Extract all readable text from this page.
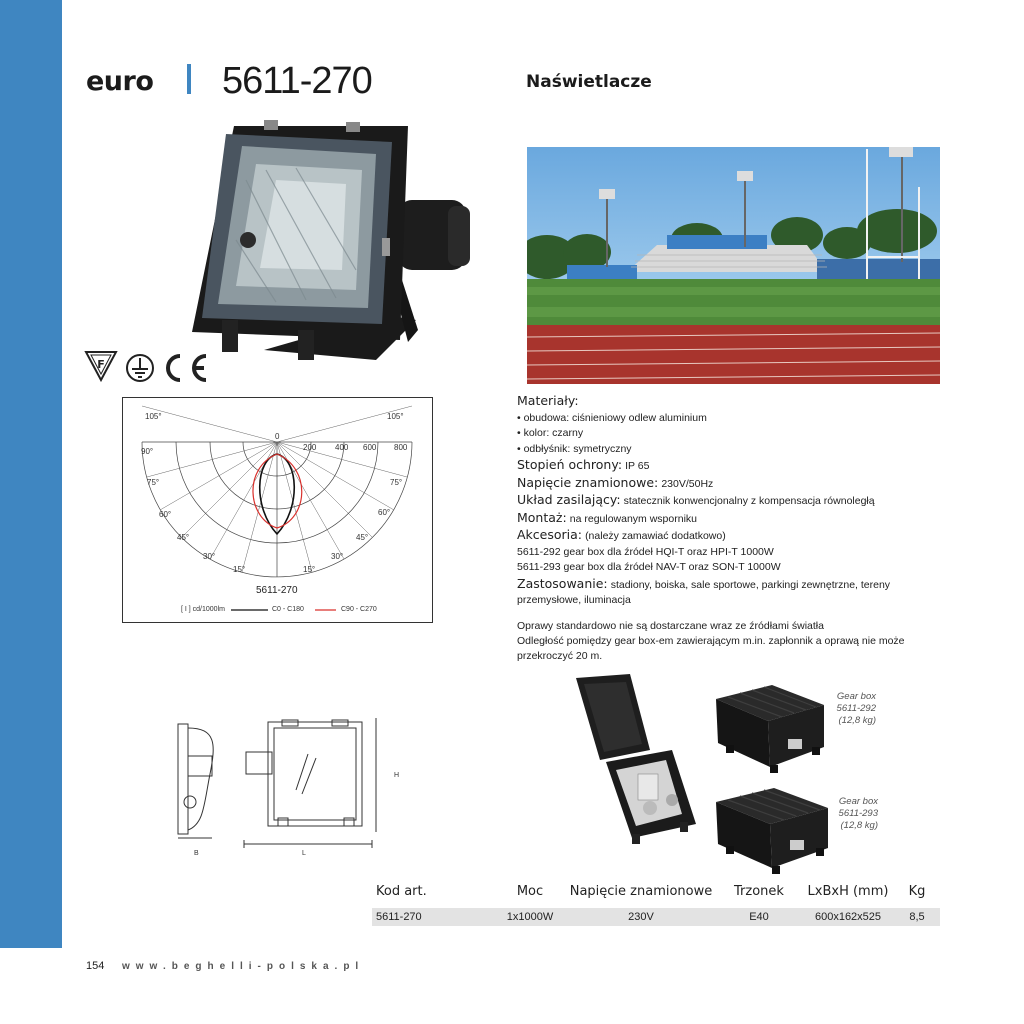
euro 5611-270	Naświetlacze
F
105°	105°
90°
75°
60°
45°
30°
15°
75°
60°
45°
30°
15°
0
200 400 600 800
5611-270
[ I ] cd/1000lm	C0 - C180	C90 - C270
Materiały:
• obudowa: ciśnieniowy odlew aluminium
• kolor: czarny
• odbłyśnik: symetryczny
Stopień ochrony: IP 65
Napięcie znamionowe: 230V/50Hz
Układ zasilający: statecznik konwencjonalny z kompensacja równoległą
Montaż: na regulowanym wsporniku
Akcesoria: (należy zamawiać dodatkowo)
5611-292 gear box dla źródeł HQI-T oraz HPI-T 1000W
5611-293 gear box dla źródeł NAV-T oraz SON-T 1000W
Zastosowanie: stadiony, boiska, sale sportowe, parkingi zewnętrzne, tereny przemysłowe, iluminacja
Oprawy standardowo nie są dostarczane wraz ze źródłami światła
Odległość pomiędzy gear box-em zawierającym m.in. zapłonnik a oprawą nie może przekroczyć 20 m.
H
B	L
Gear box
5611-292
(12,8 kg)
Gear box
5611-293
(12,8 kg)
Kod art.	Moc	Napięcie znamionowe	Trzonek	LxBxH (mm)	Kg
5611-270	1x1000W	230V	E40	600x162x525	8,5
154 www.beghelli-polska.pl
